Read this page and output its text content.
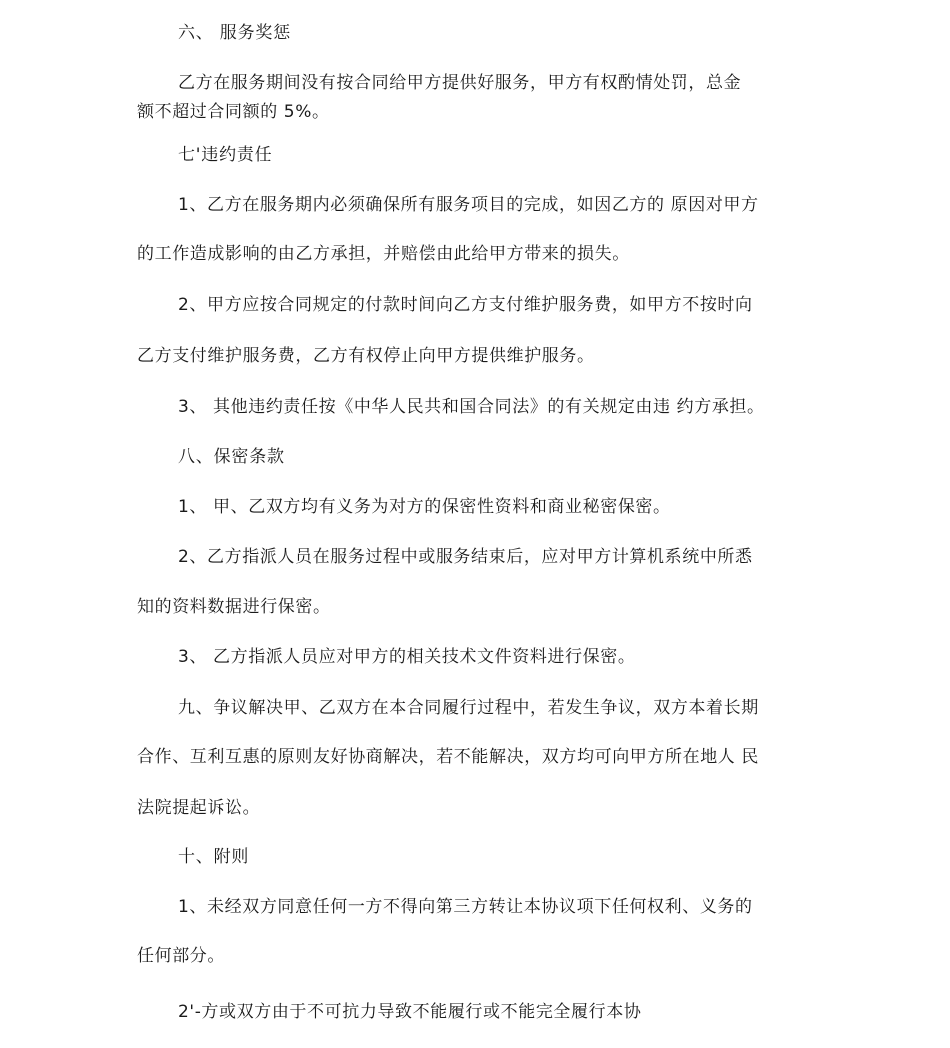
六、 服务奖惩
乙方在服务期间没有按合同给甲方提供好服务，甲方有权酌情处罚，总金
额不超过合同额的 5%。
七'违约责任
1、乙方在服务期内必须确保所有服务项目的完成，如因乙方的 原因对甲方
的工作造成影响的由乙方承担，并赔偿由此给甲方带来的损失。
2、甲方应按合同规定的付款时间向乙方支付维护服务费，如甲方不按时向
乙方支付维护服务费，乙方有权停止向甲方提供维护服务。
3、 其他违约责任按《中华人民共和国合同法》的有关规定由违 约方承担。
八、保密条款
1、 甲、乙双方均有义务为对方的保密性资料和商业秘密保密。
2、乙方指派人员在服务过程中或服务结束后，应对甲方计算机系统中所悉
知的资料数据进行保密。
3、 乙方指派人员应对甲方的相关技术文件资料进行保密。
九、争议解决甲、乙双方在本合同履行过程中，若发生争议，双方本着长期
合作、互利互惠的原则友好协商解决，若不能解决，双方均可向甲方所在地人 民
法院提起诉讼。
十、附则
1、未经双方同意任何一方不得向第三方转让本协议项下任何权利、义务的
任何部分。
2'-方或双方由于不可抗力导致不能履行或不能完全履行本协
